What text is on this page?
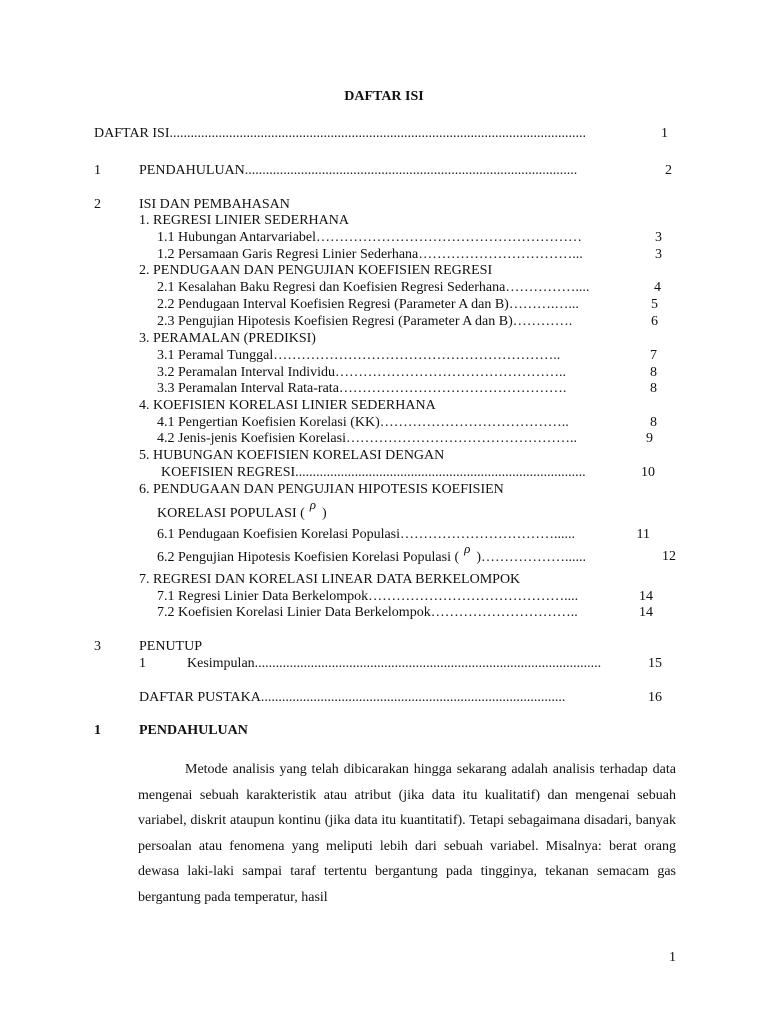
DAFTAR ISI
DAFTAR ISI.......................................................................................................................	1
1	PENDAHULUAN...............................................................................................	2
2	ISI DAN PEMBAHASAN
1. REGRESI LINIER SEDERHANA
1.1 Hubungan Antarvariabel…………………………………………………	3
1.2 Persamaan Garis Regresi Linier Sederhana……………………………...	3
2. PENDUGAAN DAN PENGUJIAN KOEFISIEN REGRESI
2.1 Kesalahan Baku Regresi dan Koefisien Regresi Sederhana……………....	4
2.2 Pendugaan Interval Koefisien Regresi (Parameter A dan B)……….…...	5
2.3 Pengujian Hipotesis Koefisien Regresi (Parameter A dan B)………….	6
3. PERAMALAN (PREDIKSI)
3.1 Peramal Tunggal……………………………………………………..	7
3.2 Peramalan Interval Individu…………………………………………..	8
3.3 Peramalan Interval Rata-rata………………………………………….	8
4. KOEFISIEN KORELASI LINIER SEDERHANA
4.1 Pengertian Koefisien Korelasi (KK)…………………………………..	8
4.2 Jenis-jenis Koefisien Korelasi…………………………………………..	9
5. HUBUNGAN KOEFISIEN KORELASI DENGAN
KOEFISIEN REGRESI...................................................................................	10
6. PENDUGAAN DAN PENGUJIAN HIPOTESIS KOEFISIEN
KORELASI POPULASI (ρ)
6.1 Pendugaan Koefisien Korelasi Populasi……………………………......	11
6.2 Pengujian Hipotesis Koefisien Korelasi Populasi (ρ)………………......	12
7. REGRESI DAN KORELASI LINEAR DATA BERKELOMPOK
7.1 Regresi Linier Data Berkelompok……………………………………....	14
7.2 Koefisien Korelasi Linier Data Berkelompok…………………………..	14
3	PENUTUP
1	Kesimpulan...................................................................................................	15
DAFTAR PUSTAKA.......................................................................................	16
1	PENDAHULUAN
Metode analisis yang telah dibicarakan hingga sekarang adalah analisis terhadap data mengenai sebuah karakteristik atau atribut (jika data itu kualitatif) dan mengenai sebuah variabel, diskrit ataupun kontinu (jika data itu kuantitatif). Tetapi sebagaimana disadari, banyak persoalan atau fenomena yang meliputi lebih dari sebuah variabel. Misalnya: berat orang dewasa laki-laki sampai taraf tertentu bergantung pada tingginya, tekanan semacam gas bergantung pada temperatur, hasil
1
